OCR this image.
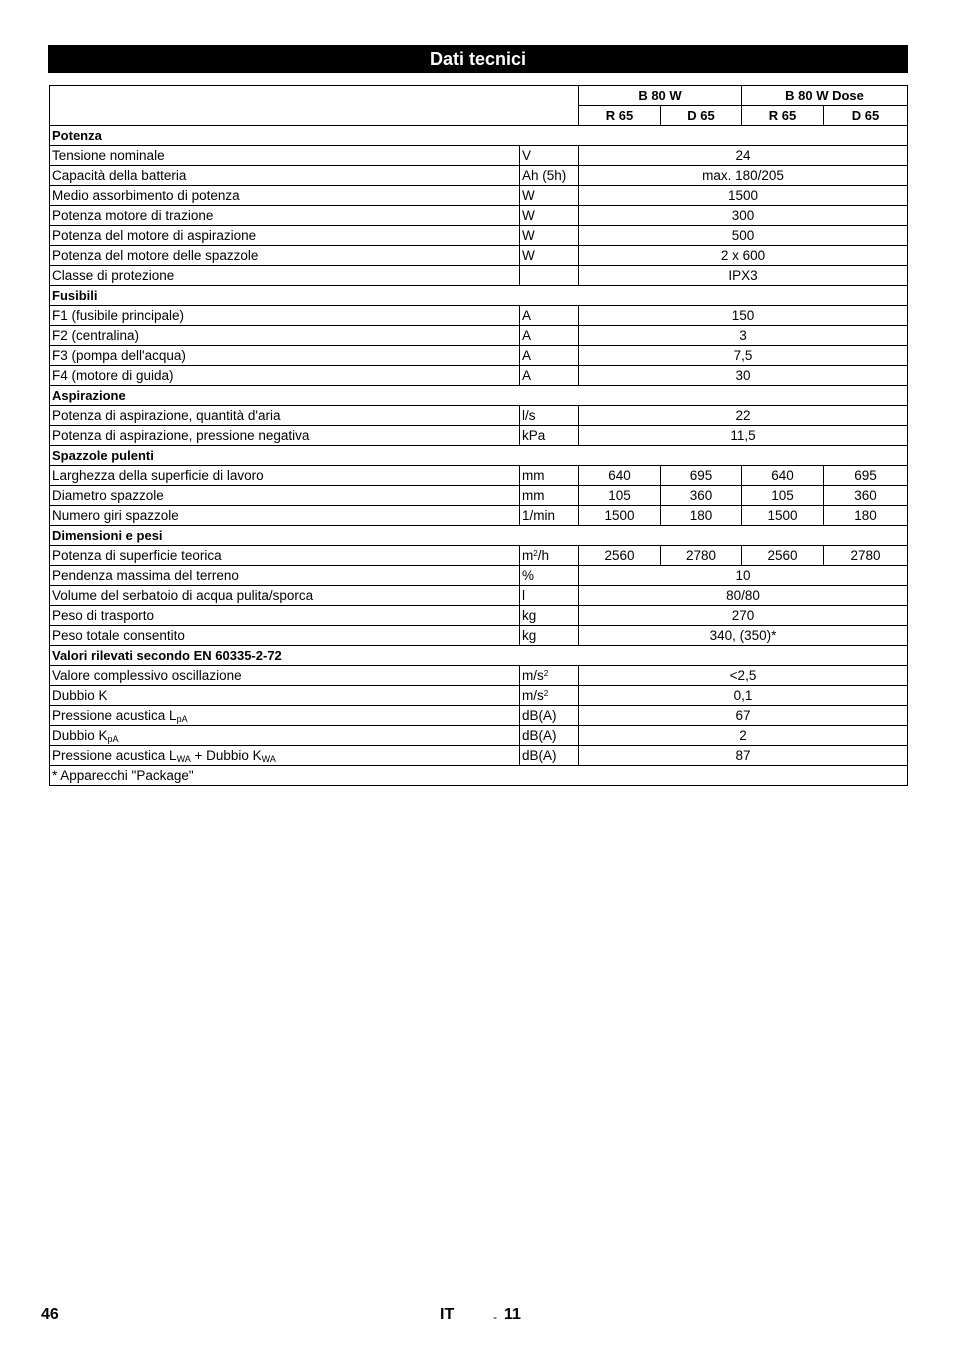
Dati tecnici
		B 80 W		B 80 W Dose	
		R 65	D 65	R 65	D 65
Potenza					
Tensione nominale	V	24			
Capacità della batteria	Ah (5h)	max. 180/205			
Medio assorbimento di potenza	W	1500			
Potenza motore di trazione	W	300			
Potenza del motore di aspirazione	W	500			
Potenza del motore delle spazzole	W	2 x 600			
Classe di protezione		IPX3			
Fusibili					
F1 (fusibile principale)	A	150			
F2 (centralina)	A	3			
F3 (pompa dell'acqua)	A	7,5			
F4 (motore di guida)	A	30			
Aspirazione					
Potenza di aspirazione, quantità d'aria	l/s	22			
Potenza di aspirazione, pressione negativa	kPa	11,5			
Spazzole pulenti					
Larghezza della superficie di lavoro	mm	640	695	640	695
Diametro spazzole	mm	105	360	105	360
Numero giri spazzole	1/min	1500	180	1500	180
Dimensioni e pesi					
Potenza di superficie teorica	$m^2/h$	2560	2780	2560	2780
Pendenza massima del terreno	%	10			
Volume del serbatoio di acqua pulita/sporca	l	80/80			
Peso di trasporto	kg	270			
Peso totale consentito	kg	340, (350)*			
Valori rilevati secondo EN 60335-2-72					
Valore complessivo oscillazione	$m/s^2$	<2,5			
Dubbio K	$m/s^2$	0,1			
Pressione acustica $L_{pA}$	dB(A)	67			
Dubbio $K_{pA}$	dB(A)	2			
Pressione acustica $L_{WA}$ + Dubbio $K_{WA}$	dB(A)	87			
* Apparecchi "Package"					
46	IT	- 11
